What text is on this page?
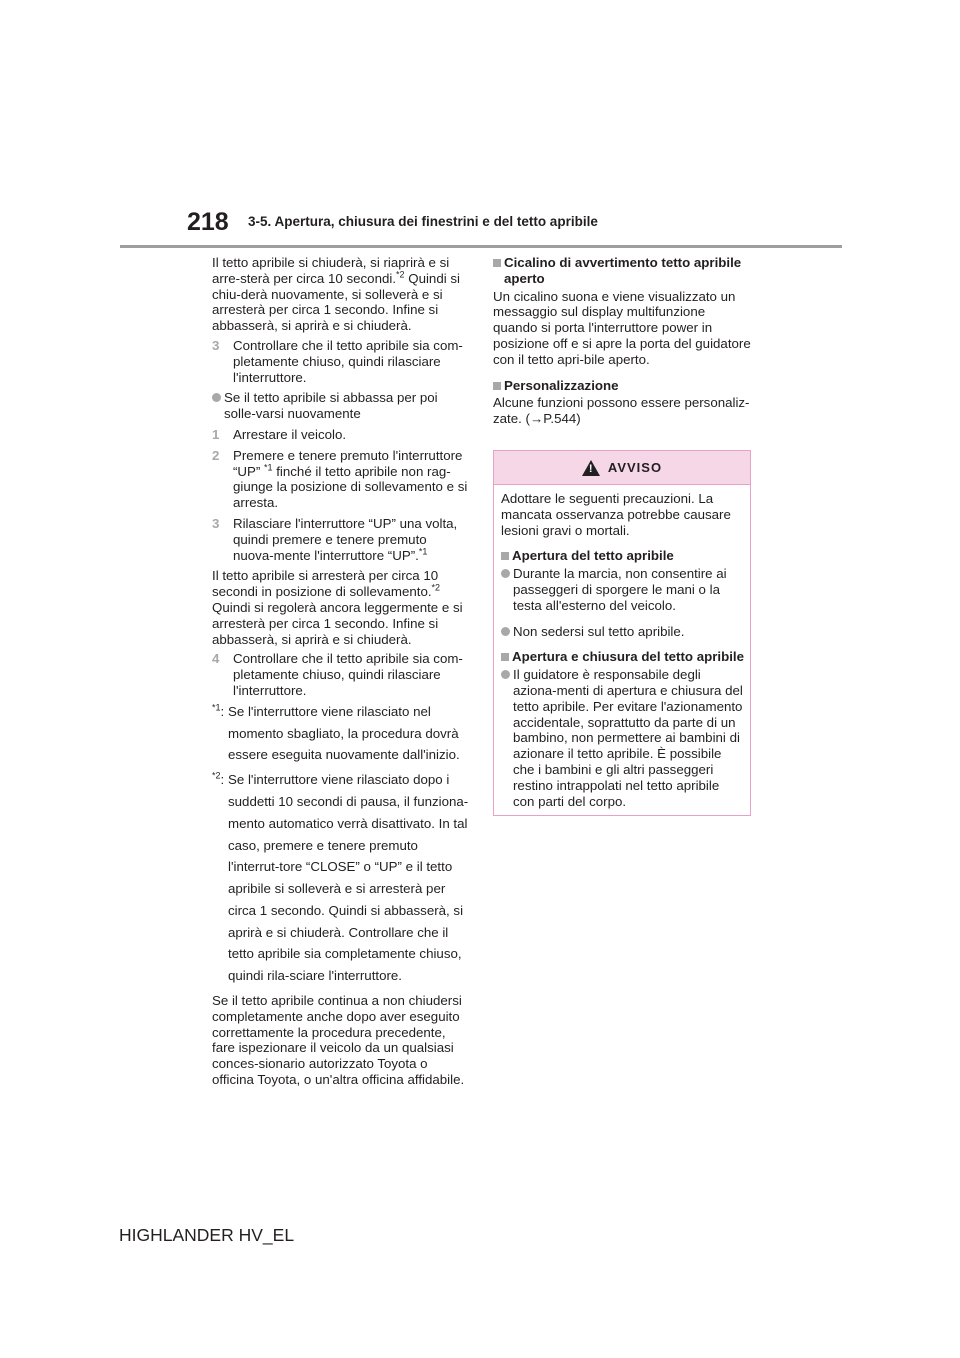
218 3-5. Apertura, chiusura dei finestrini e del tetto apribile

Il tetto apribile si chiuderà, si riaprirà e si arre-sterà per circa 10 secondi.$^{*2}$ Quindi si chiu-derà nuovamente, si solleverà e si arresterà per circa 1 secondo. Infine si abbasserà, si aprirà e si chiuderà.

3	Controllare che il tetto apribile sia com-pletamente chiuso, quindi rilasciare l'interruttore.
Se il tetto apribile si abbassa per poi solle-varsi nuovamente
1	Arrestare il veicolo.
2	Premere e tenere premuto l'interruttore “UP” $^{*1}$ finché il tetto apribile non rag-giunge la posizione di sollevamento e si arresta.
3	Rilasciare l'interruttore “UP” una volta, quindi premere e tenere premuto nuova-mente l'interruttore “UP”.$^{*1}$

Il tetto apribile si arresterà per circa 10 secondi in posizione di sollevamento.$^{*2}$ Quindi si regolerà ancora leggermente e si arresterà per circa 1 secondo. Infine si abbasserà, si aprirà e si chiuderà.

4	Controllare che il tetto apribile sia com-pletamente chiuso, quindi rilasciare l'interruttore.
$^{*1}$: Se l'interruttore viene rilasciato nel momento sbagliato, la procedura dovrà essere eseguita nuovamente dall'inizio.
$^{*2}$: Se l'interruttore viene rilasciato dopo i suddetti 10 secondi di pausa, il funziona-mento automatico verrà disattivato. In tal caso, premere e tenere premuto l'interrut-tore “CLOSE” o “UP” e il tetto apribile si solleverà e si arresterà per circa 1 secondo. Quindi si abbasserà, si aprirà e si chiuderà. Controllare che il tetto apribile sia completamente chiuso, quindi rila-sciare l'interruttore.

Se il tetto apribile continua a non chiudersi completamente anche dopo aver eseguito correttamente la procedura precedente, fare ispezionare il veicolo da un qualsiasi conces-sionario autorizzato Toyota o officina Toyota, o un'altra officina affidabile.

Cicalino di avvertimento tetto apribile aperto

Un cicalino suona e viene visualizzato un messaggio sul display multifunzione quando si porta l'interruttore power in posizione off e si apre la porta del guidatore con il tetto apri-bile aperto.

Personalizzazione

Alcune funzioni possono essere personaliz-zate. (→P.544)

! AVVISO

Adottare le seguenti precauzioni. La mancata osservanza potrebbe causare lesioni gravi o mortali.

Apertura del tetto apribile
Durante la marcia, non consentire ai passeggeri di sporgere le mani o la testa all'esterno del veicolo.
Non sedersi sul tetto apribile.
Apertura e chiusura del tetto apribile
Il guidatore è responsabile degli aziona-menti di apertura e chiusura del tetto apribile. Per evitare l'azionamento accidentale, soprattutto da parte di un bambino, non permettere ai bambini di azionare il tetto apribile. È possibile che i bambini e gli altri passeggeri restino intrappolati nel tetto apribile con parti del corpo.
HIGHLANDER HV_EL
